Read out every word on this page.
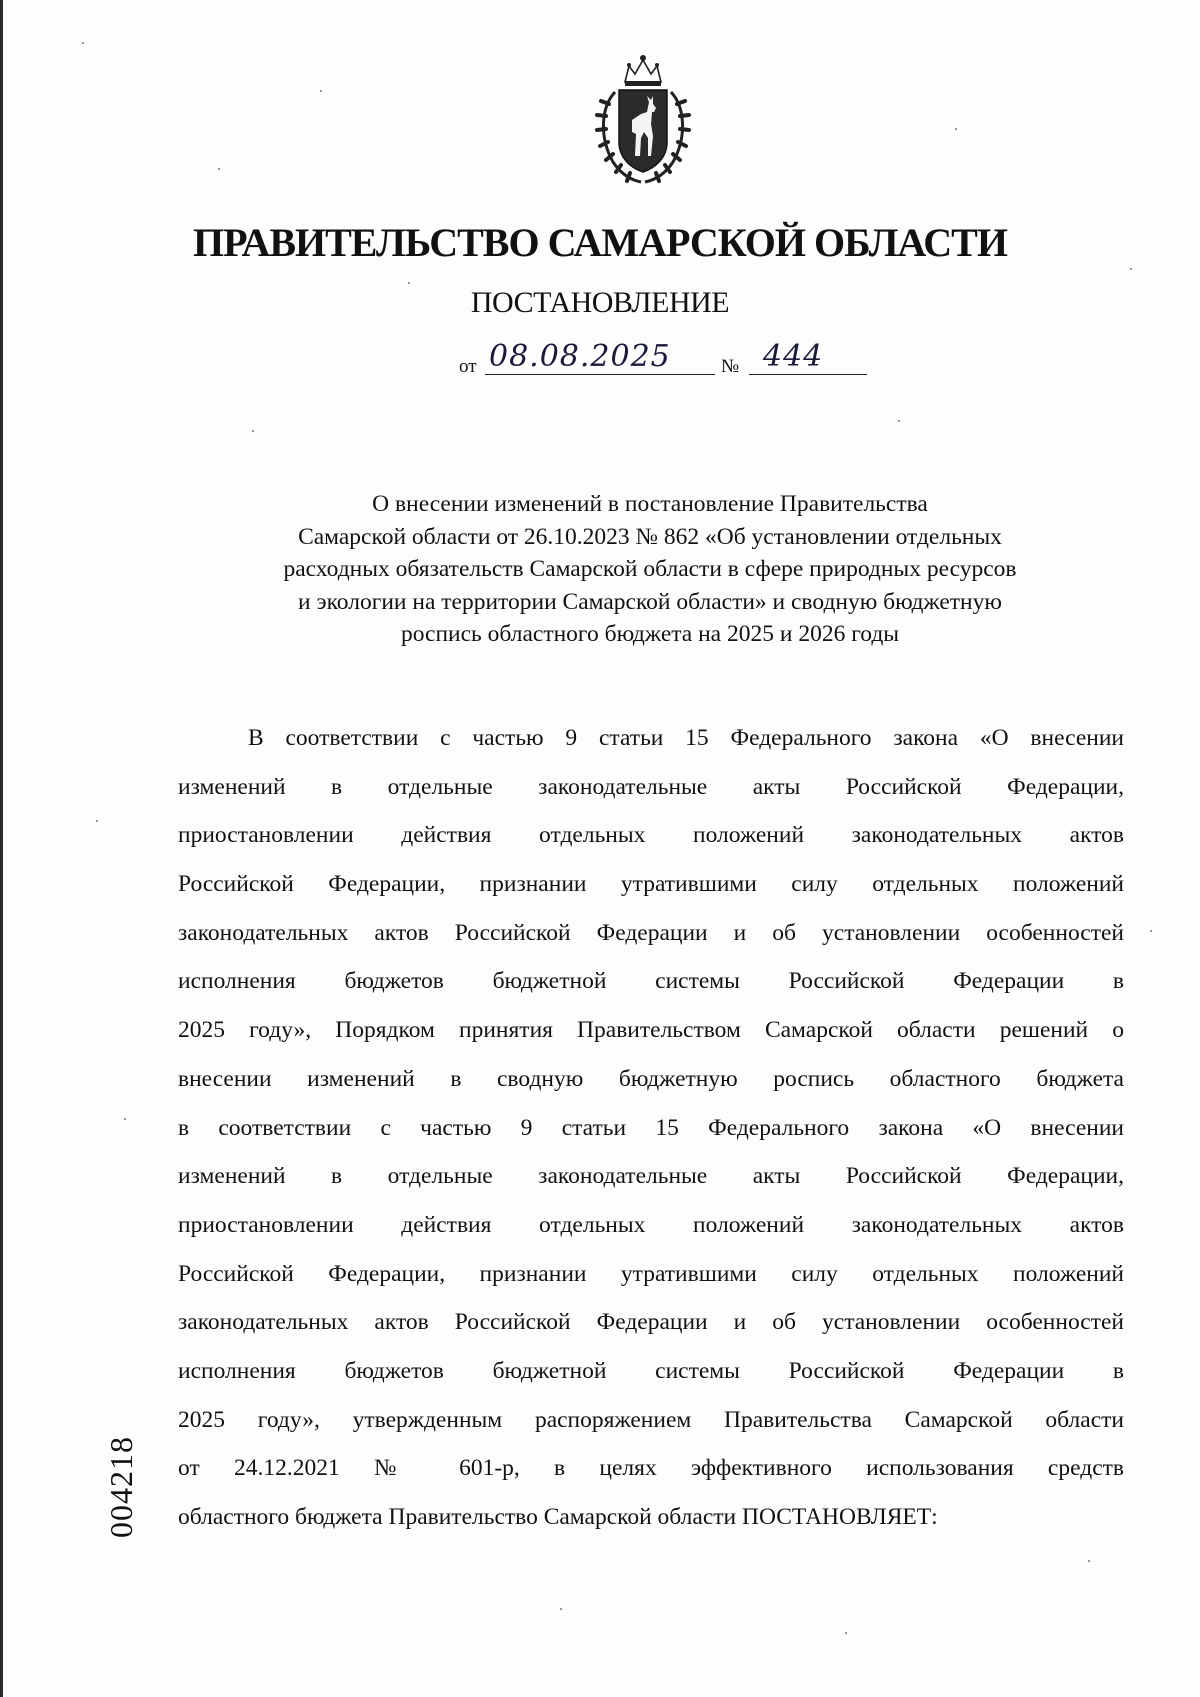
ПРАВИТЕЛЬСТВО САМАРСКОЙ ОБЛАСТИ
ПОСТАНОВЛЕНИЕ
от 08.08.2025	№ 444
О внесении изменений в постановление Правительства
Самарской области от 26.10.2023 № 862 «Об установлении отдельных
расходных обязательств Самарской области в сфере природных ресурсов
и экологии на территории Самарской области» и сводную бюджетную
роспись областного бюджета на 2025 и 2026 годы
В соответствии с частью 9 статьи 15 Федерального закона «О внесении
изменений в отдельные законодательные акты Российской Федерации,
приостановлении действия отдельных положений законодательных актов
Российской Федерации, признании утратившими силу отдельных положений
законодательных актов Российской Федерации и об установлении особенностей
исполнения бюджетов бюджетной системы Российской Федерации в
2025 году», Порядком принятия Правительством Самарской области решений о
внесении изменений в сводную бюджетную роспись областного бюджета
в соответствии с частью 9 статьи 15 Федерального закона «О внесении
изменений в отдельные законодательные акты Российской Федерации,
приостановлении действия отдельных положений законодательных актов
Российской Федерации, признании утратившими силу отдельных положений
законодательных актов Российской Федерации и об установлении особенностей
исполнения бюджетов бюджетной системы Российской Федерации в
2025 году», утвержденным распоряжением Правительства Самарской области
от 24.12.2021 № 601-р, в целях эффективного использования средств
областного бюджета Правительство Самарской области ПОСТАНОВЛЯЕТ:
004218
